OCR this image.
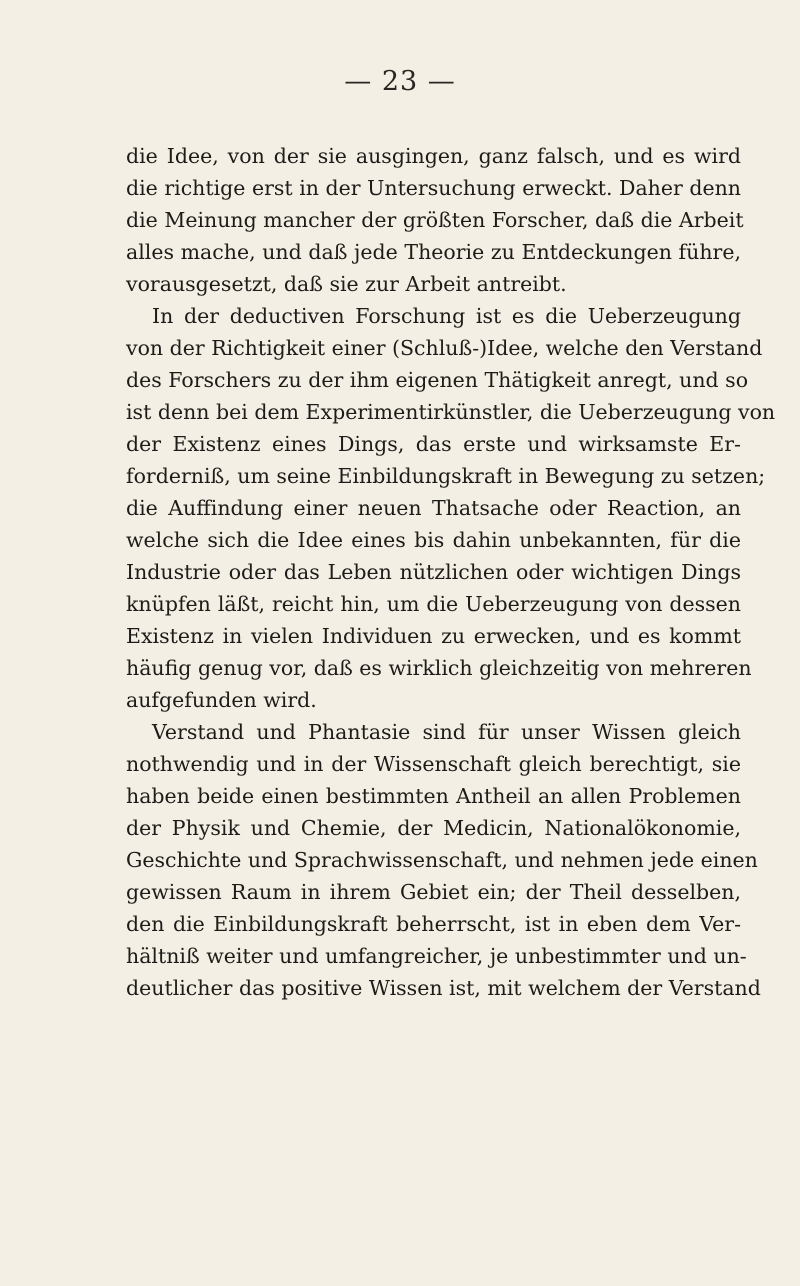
— 23 —
die Idee, von der sie ausgingen, ganz falsch, und es wird
die richtige erst in der Untersuchung erweckt. Daher denn
die Meinung mancher der größten Forscher, daß die Arbeit
alles mache, und daß jede Theorie zu Entdeckungen führe,
vorausgesetzt, daß sie zur Arbeit antreibt.
In der deductiven Forschung ist es die Ueberzeugung
von der Richtigkeit einer (Schluß-)Idee, welche den Verstand
des Forschers zu der ihm eigenen Thätigkeit anregt, und so
ist denn bei dem Experimentirkünstler, die Ueberzeugung von
der Existenz eines Dings, das erste und wirksamste Er-
forderniß, um seine Einbildungskraft in Bewegung zu setzen;
die Auffindung einer neuen Thatsache oder Reaction, an
welche sich die Idee eines bis dahin unbekannten, für die
Industrie oder das Leben nützlichen oder wichtigen Dings
knüpfen läßt, reicht hin, um die Ueberzeugung von dessen
Existenz in vielen Individuen zu erwecken, und es kommt
häufig genug vor, daß es wirklich gleichzeitig von mehreren
aufgefunden wird.
Verstand und Phantasie sind für unser Wissen gleich
nothwendig und in der Wissenschaft gleich berechtigt, sie
haben beide einen bestimmten Antheil an allen Problemen
der Physik und Chemie, der Medicin, Nationalökonomie,
Geschichte und Sprachwissenschaft, und nehmen jede einen
gewissen Raum in ihrem Gebiet ein; der Theil desselben,
den die Einbildungskraft beherrscht, ist in eben dem Ver-
hältniß weiter und umfangreicher, je unbestimmter und un-
deutlicher das positive Wissen ist, mit welchem der Verstand
